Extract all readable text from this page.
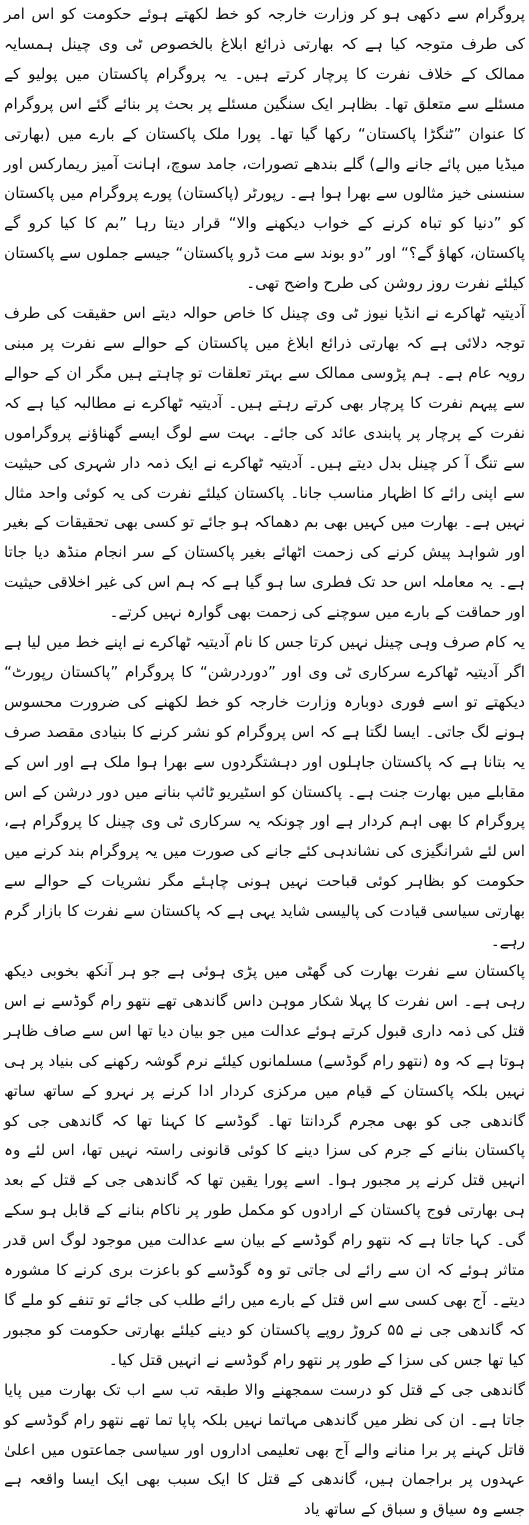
پروگرام سے دکھی ہو کر وزارت خارجہ کو خط لکھتے ہوئے حکومت کو اس امر کی طرف متوجہ کیا ہے کہ بھارتی ذرائع ابلاغ بالخصوص ٹی وی چینل ہمسایہ ممالک کے خلاف نفرت کا پرچار کرتے ہیں۔ یہ پروگرام پاکستان میں پولیو کے مسئلے سے متعلق تھا۔ بظاہر ایک سنگین مسئلے پر بحث پر بنائے گئے اس پروگرام کا عنوان ”ٹنگڑا پاکستان“ رکھا گیا تھا۔ پورا ملک پاکستان کے بارے میں (بھارتی میڈیا میں پائے جانے والے) گلے بندھے تصورات، جامد سوچ، اہانت آمیز ریمارکس اور سنسنی خیز مثالوں سے بھرا ہوا ہے۔ رپورٹر (پاکستان) پورے پروگرام میں پاکستان کو ”دنیا کو تباہ کرنے کے خواب دیکھنے والا“ قرار دیتا رہا ”بم کا کیا کرو گے پاکستان، کھاؤ گے؟“ اور ”دو بوند سے مت ڈرو پاکستان“ جیسے جملوں سے پاکستان کیلئے نفرت روز روشن کی طرح واضح تھی۔

آدیتیہ ٹھاکرے نے انڈیا نیوز ٹی وی چینل کا خاص حوالہ دیتے اس حقیقت کی طرف توجہ دلائی ہے کہ بھارتی ذرائع ابلاغ میں پاکستان کے حوالے سے نفرت پر مبنی رویہ عام ہے۔ ہم پڑوسی ممالک سے بہتر تعلقات تو چاہتے ہیں مگر ان کے حوالے سے پیہم نفرت کا پرچار بھی کرتے رہتے ہیں۔ آدیتیہ ٹھاکرے نے مطالبہ کیا ہے کہ نفرت کے پرچار پر پابندی عائد کی جائے۔ بہت سے لوگ ایسے گھناؤنے پروگراموں سے تنگ آ کر چینل بدل دیتے ہیں۔ آدیتیہ ٹھاکرے نے ایک ذمہ دار شہری کی حیثیت سے اپنی رائے کا اظہار مناسب جانا۔ پاکستان کیلئے نفرت کی یہ کوئی واحد مثال نہیں ہے۔ بھارت میں کہیں بھی بم دھماکہ ہو جائے تو کسی بھی تحقیقات کے بغیر اور شواہد پیش کرنے کی زحمت اٹھائے بغیر پاکستان کے سر انجام منڈھ دیا جاتا ہے۔ یہ معاملہ اس حد تک فطری سا ہو گیا ہے کہ ہم اس کی غیر اخلاقی حیثیت اور حماقت کے بارے میں سوچنے کی زحمت بھی گوارہ نہیں کرتے۔

یہ کام صرف وہی چینل نہیں کرتا جس کا نام آدیتیہ ٹھاکرے نے اپنے خط میں لیا ہے اگر آدیتیہ ٹھاکرے سرکاری ٹی وی اور ”دوردرشن“ کا پروگرام ”پاکستان رپورٹ“ دیکھتے تو اسے فوری دوبارہ وزارت خارجہ کو خط لکھنے کی ضرورت محسوس ہونے لگ جاتی۔ ایسا لگتا ہے کہ اس پروگرام کو نشر کرنے کا بنیادی مقصد صرف یہ بتانا ہے کہ پاکستان جاہلوں اور دہشتگردوں سے بھرا ہوا ملک ہے اور اس کے مقابلے میں بھارت جنت ہے۔ پاکستان کو اسٹیریو ٹائپ بنانے میں دور درشن کے اس پروگرام کا بھی اہم کردار ہے اور چونکہ یہ سرکاری ٹی وی چینل کا پروگرام ہے، اس لئے شرانگیزی کی نشاندہی کئے جانے کی صورت میں یہ پروگرام بند کرنے میں حکومت کو بظاہر کوئی قباحت نہیں ہونی چاہئے مگر نشریات کے حوالے سے بھارتی سیاسی قیادت کی پالیسی شاید یہی ہے کہ پاکستان سے نفرت کا بازار گرم رہے۔

پاکستان سے نفرت بھارت کی گھٹی میں پڑی ہوئی ہے جو ہر آنکھ بخوبی دیکھ رہی ہے۔ اس نفرت کا پہلا شکار موہن داس گاندھی تھے نتھو رام گوڈسے نے اس قتل کی ذمہ داری قبول کرتے ہوئے عدالت میں جو بیان دیا تھا اس سے صاف ظاہر ہوتا ہے کہ وہ (نتھو رام گوڈسے) مسلمانوں کیلئے نرم گوشہ رکھنے کی بنیاد پر ہی نہیں بلکہ پاکستان کے قیام میں مرکزی کردار ادا کرنے پر نہرو کے ساتھ ساتھ گاندھی جی کو بھی مجرم گردانتا تھا۔ گوڈسے کا کہنا تھا کہ گاندھی جی کو پاکستان بنانے کے جرم کی سزا دینے کا کوئی قانونی راستہ نہیں تھا، اس لئے وہ انہیں قتل کرنے پر مجبور ہوا۔ اسے پورا یقین تھا کہ گاندھی جی کے قتل کے بعد ہی بھارتی فوج پاکستان کے ارادوں کو مکمل طور پر ناکام بنانے کے قابل ہو سکے گی۔ کہا جاتا ہے کہ نتھو رام گوڈسے کے بیان سے عدالت میں موجود لوگ اس قدر متاثر ہوئے کہ ان سے رائے لی جاتی تو وہ گوڈسے کو باعزت بری کرنے کا مشورہ دیتے۔ آج بھی کسی سے اس قتل کے بارے میں رائے طلب کی جائے تو تنفے کو ملے گا کہ گاندھی جی نے ۵۵ کروڑ روپے پاکستان کو دینے کیلئے بھارتی حکومت کو مجبور کیا تھا جس کی سزا کے طور پر نتھو رام گوڈسے نے انہیں قتل کیا۔

گاندھی جی کے قتل کو درست سمجھنے والا طبقہ تب سے اب تک بھارت میں پایا جاتا ہے۔ ان کی نظر میں گاندھی مہاتما نہیں بلکہ پاپا تما تھے نتھو رام گوڈسے کو قاتل کہنے پر برا منانے والے آج بھی تعلیمی اداروں اور سیاسی جماعتوں میں اعلیٰ عہدوں پر براجمان ہیں، گاندھی کے قتل کا ایک سبب بھی ایک ایسا واقعہ ہے جسے وہ سیاق و سباق کے ساتھ یاد
